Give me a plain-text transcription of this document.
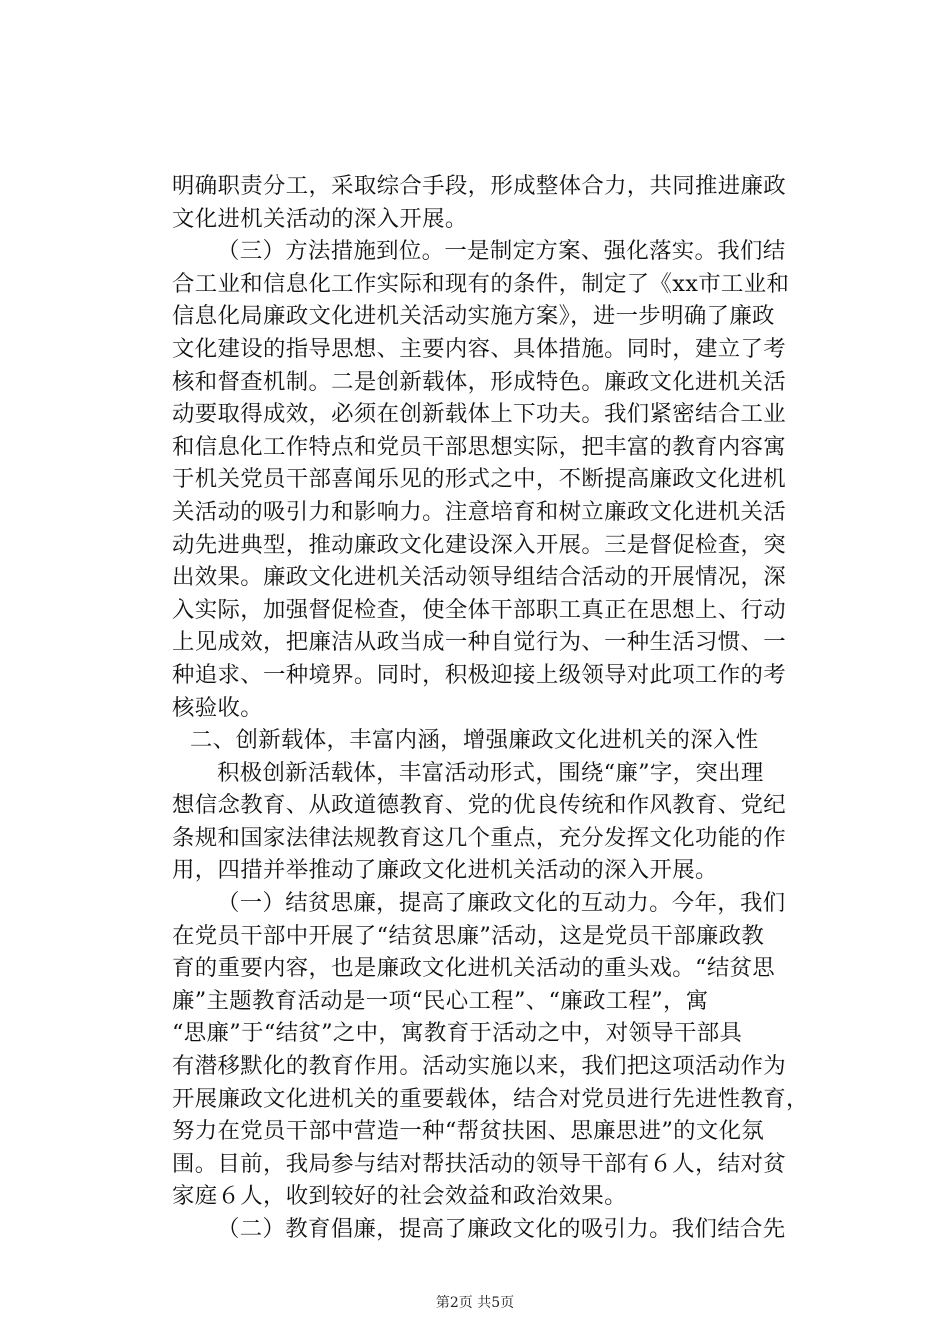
明确职责分工，采取综合手段，形成整体合力，共同推进廉政
文化进机关活动的深入开展。
（三）方法措施到位。一是制定方案、强化落实。我们结
合工业和信息化工作实际和现有的条件，制定了《xx市工业和
信息化局廉政文化进机关活动实施方案》，进一步明确了廉政
文化建设的指导思想、主要内容、具体措施。同时，建立了考
核和督查机制。二是创新载体，形成特色。廉政文化进机关活
动要取得成效，必须在创新载体上下功夫。我们紧密结合工业
和信息化工作特点和党员干部思想实际，把丰富的教育内容寓
于机关党员干部喜闻乐见的形式之中，不断提高廉政文化进机
关活动的吸引力和影响力。注意培育和树立廉政文化进机关活
动先进典型，推动廉政文化建设深入开展。三是督促检查，突
出效果。廉政文化进机关活动领导组结合活动的开展情况，深
入实际，加强督促检查，使全体干部职工真正在思想上、行动
上见成效，把廉洁从政当成一种自觉行为、一种生活习惯、一
种追求、一种境界。同时，积极迎接上级领导对此项工作的考
核验收。
二、创新载体，丰富内涵，增强廉政文化进机关的深入性
积极创新活载体，丰富活动形式，围绕“廉”字，突出理
想信念教育、从政道德教育、党的优良传统和作风教育、党纪
条规和国家法律法规教育这几个重点，充分发挥文化功能的作
用，四措并举推动了廉政文化进机关活动的深入开展。
（一）结贫思廉，提高了廉政文化的互动力。今年，我们
在党员干部中开展了“结贫思廉”活动，这是党员干部廉政教
育的重要内容，也是廉政文化进机关活动的重头戏。“结贫思
廉”主题教育活动是一项“民心工程”、“廉政工程”，寓
“思廉”于“结贫”之中，寓教育于活动之中，对领导干部具
有潜移默化的教育作用。活动实施以来，我们把这项活动作为
开展廉政文化进机关的重要载体，结合对党员进行先进性教育，
努力在党员干部中营造一种“帮贫扶困、思廉思进”的文化氛
围。目前，我局参与结对帮扶活动的领导干部有６人，结对贫
家庭６人，收到较好的社会效益和政治效果。
（二）教育倡廉，提高了廉政文化的吸引力。我们结合先
第2页 共5页
